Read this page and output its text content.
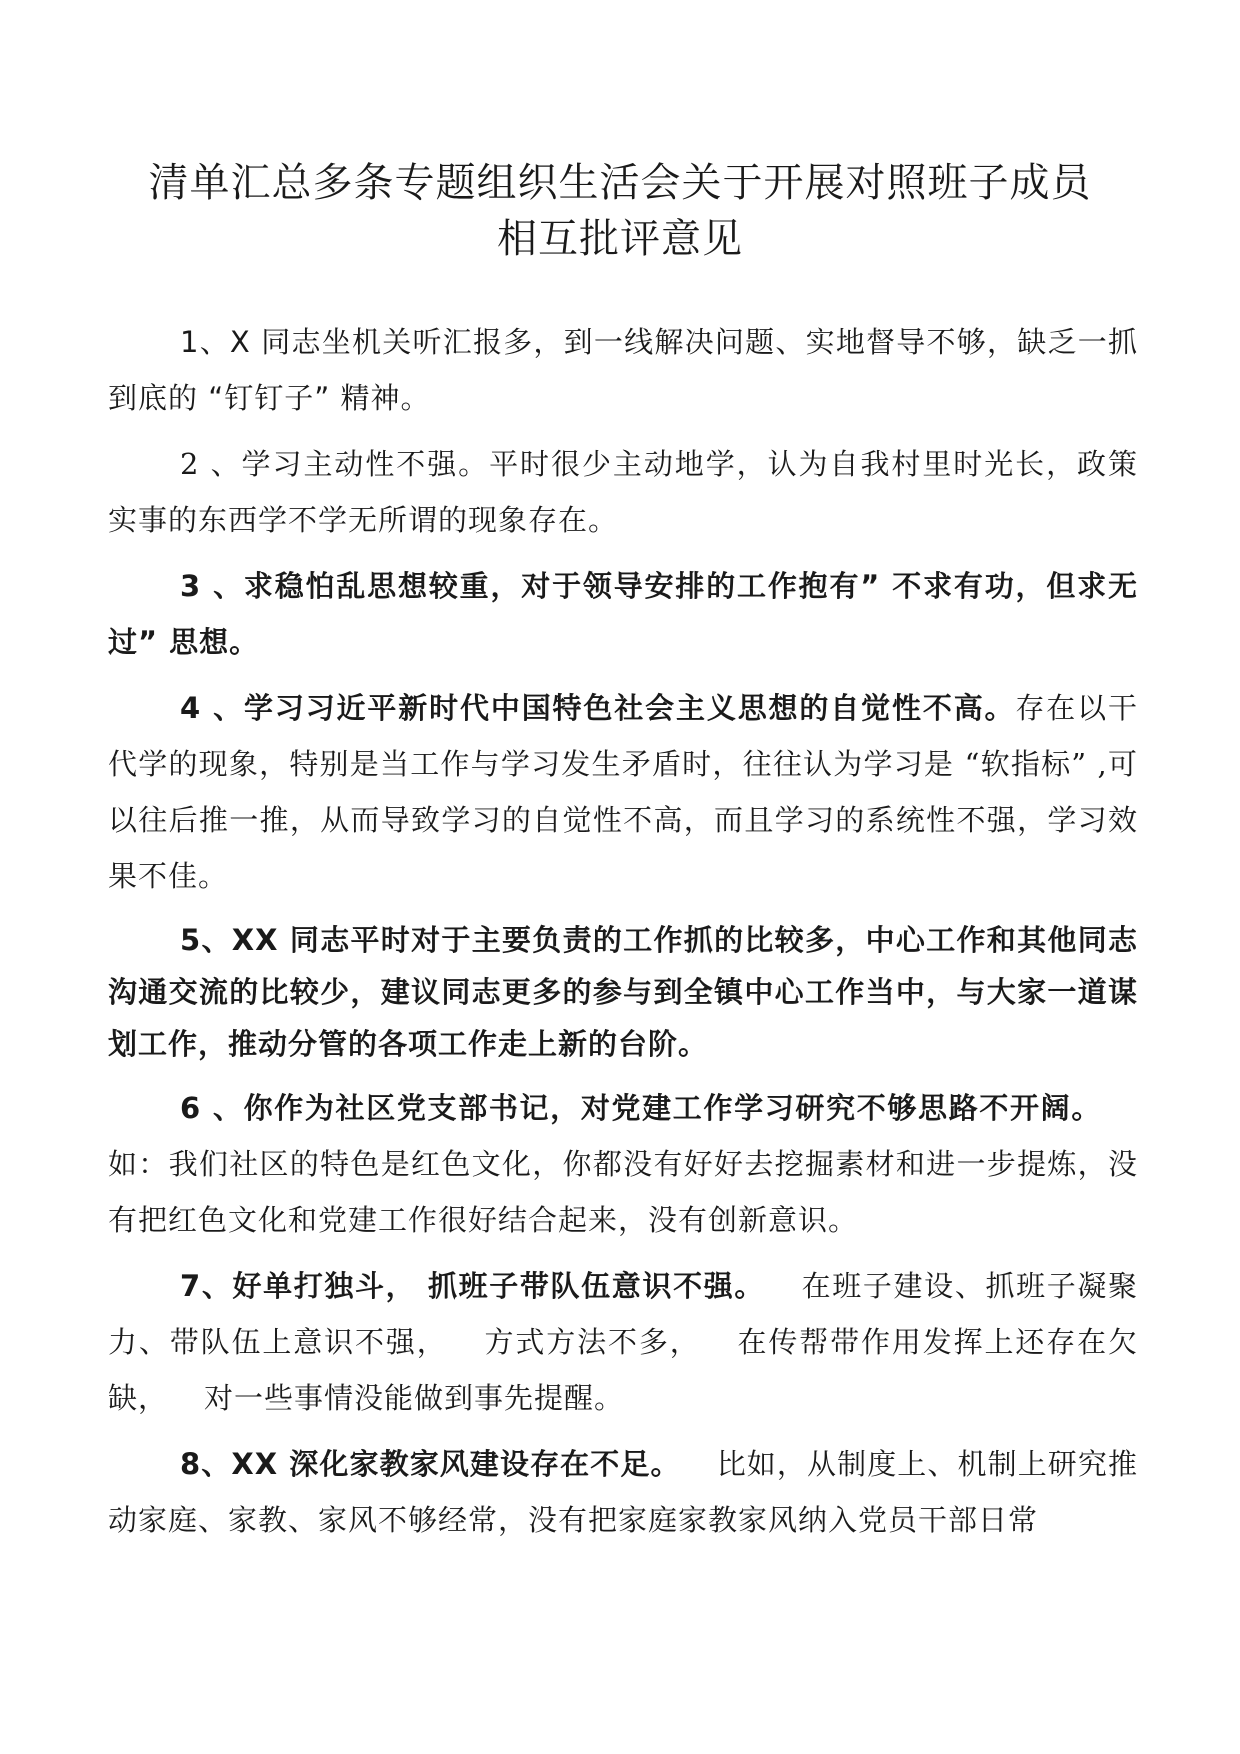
清单汇总多条专题组织生活会关于开展对照班子成员
相互批评意见

1、X 同志坐机关听汇报多，到一线解决问题、实地督导不够，缺乏一抓到底的 “钉钉子” 精神。

2 、学习主动性不强。平时很少主动地学，认为自我村里时光长，政策实事的东西学不学无所谓的现象存在。

3 、求稳怕乱思想较重，对于领导安排的工作抱有” 不求有功，但求无过” 思想。

4 、学习习近平新时代中国特色社会主义思想的自觉性不高。存在以干代学的现象，特别是当工作与学习发生矛盾时，往往认为学习是 “软指标” ,可以往后推一推，从而导致学习的自觉性不高，而且学习的系统性不强，学习效果不佳。

5、XX 同志平时对于主要负责的工作抓的比较多，中心工作和其他同志沟通交流的比较少，建议同志更多的参与到全镇中心工作当中，与大家一道谋划工作，推动分管的各项工作走上新的台阶。

6 、你作为社区党支部书记，对党建工作学习研究不够思路不开阔。如：我们社区的特色是红色文化，你都没有好好去挖掘素材和进一步提炼，没有把红色文化和党建工作很好结合起来，没有创新意识。

7、好单打独斗， 抓班子带队伍意识不强。 在班子建设、抓班子凝聚力、带队伍上意识不强， 方式方法不多， 在传帮带作用发挥上还存在欠缺， 对一些事情没能做到事先提醒。

8、XX 深化家教家风建设存在不足。 比如，从制度上、机制上研究推动家庭、家教、家风不够经常，没有把家庭家教家风纳入党员干部日常
